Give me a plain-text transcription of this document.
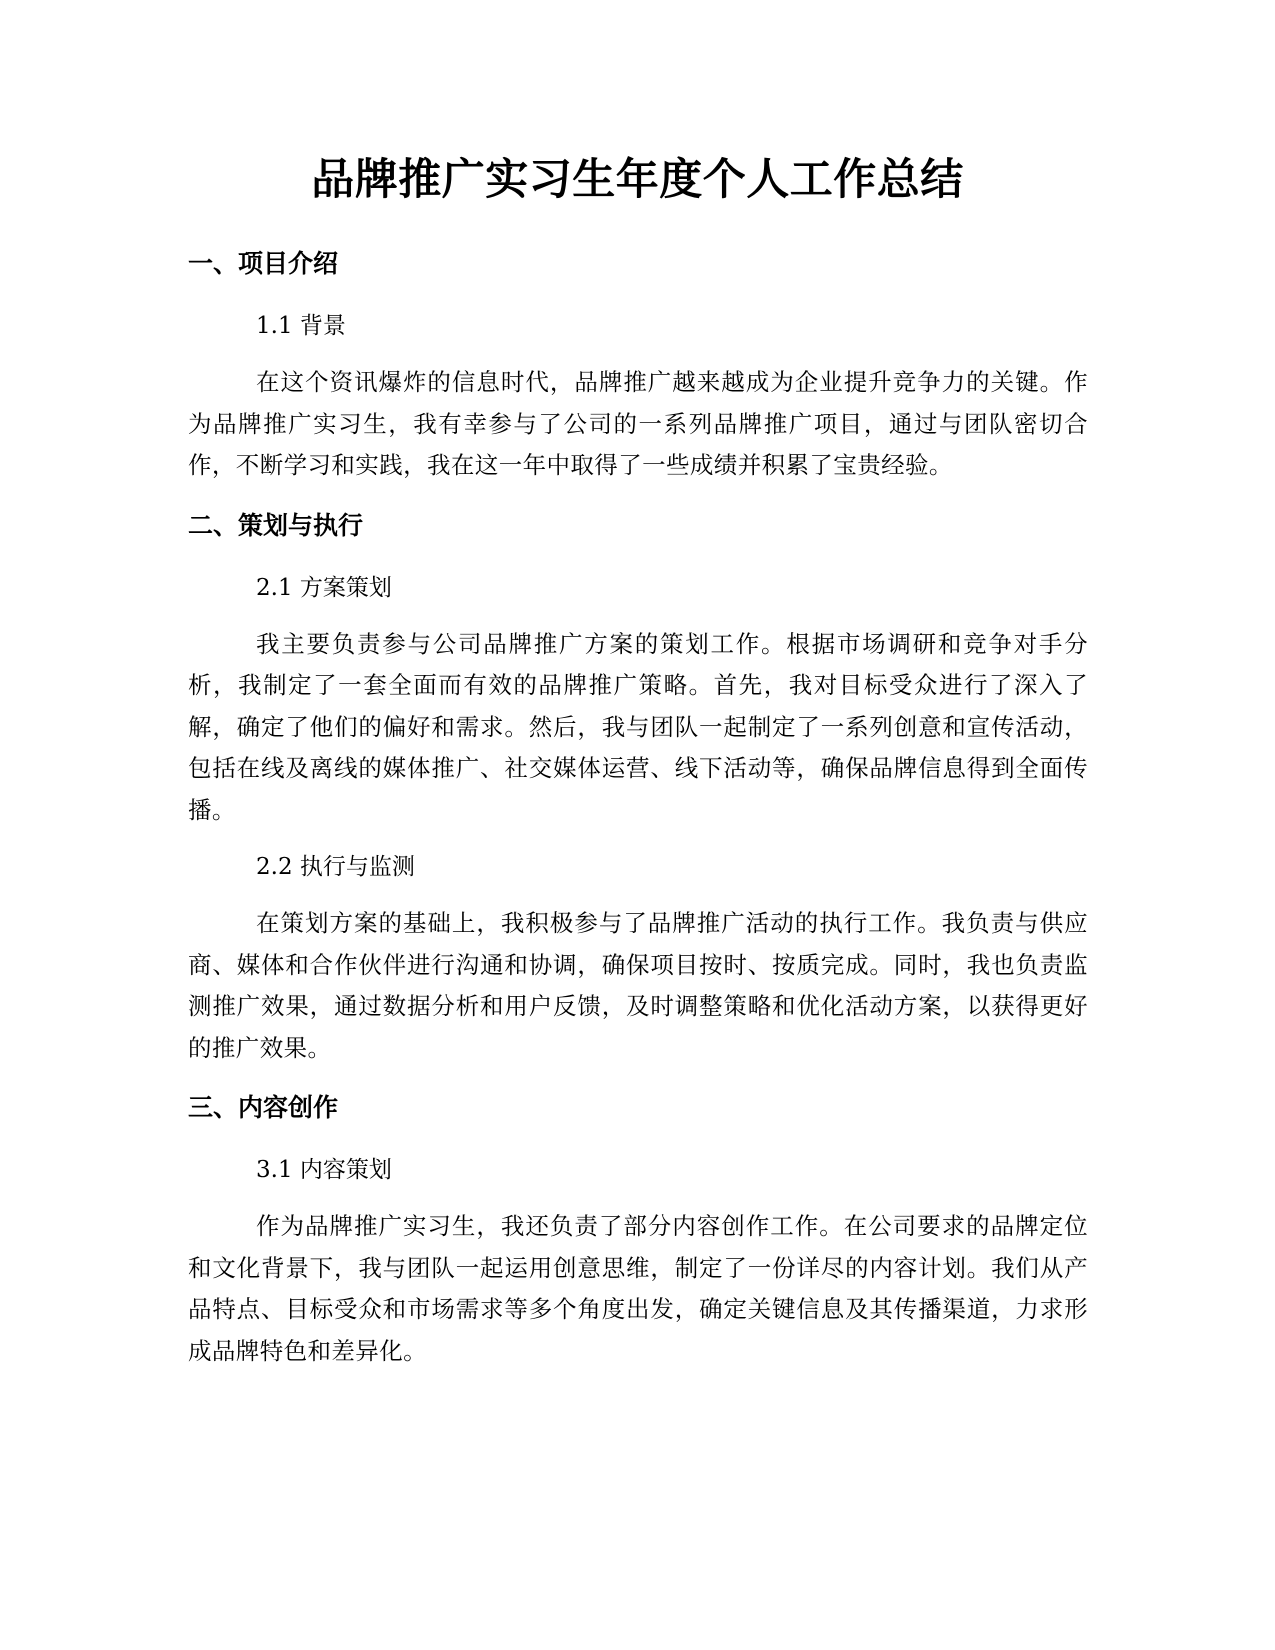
品牌推广实习生年度个人工作总结
一、项目介绍

1.1 背景

在这个资讯爆炸的信息时代，品牌推广越来越成为企业提升竞争力的关键。作为品牌推广实习生，我有幸参与了公司的一系列品牌推广项目，通过与团队密切合作，不断学习和实践，我在这一年中取得了一些成绩并积累了宝贵经验。

二、策划与执行

2.1 方案策划

我主要负责参与公司品牌推广方案的策划工作。根据市场调研和竞争对手分析，我制定了一套全面而有效的品牌推广策略。首先，我对目标受众进行了深入了解，确定了他们的偏好和需求。然后，我与团队一起制定了一系列创意和宣传活动，包括在线及离线的媒体推广、社交媒体运营、线下活动等，确保品牌信息得到全面传播。

2.2 执行与监测

在策划方案的基础上，我积极参与了品牌推广活动的执行工作。我负责与供应商、媒体和合作伙伴进行沟通和协调，确保项目按时、按质完成。同时，我也负责监测推广效果，通过数据分析和用户反馈，及时调整策略和优化活动方案，以获得更好的推广效果。

三、内容创作

3.1 内容策划

作为品牌推广实习生，我还负责了部分内容创作工作。在公司要求的品牌定位和文化背景下，我与团队一起运用创意思维，制定了一份详尽的内容计划。我们从产品特点、目标受众和市场需求等多个角度出发，确定关键信息及其传播渠道，力求形成品牌特色和差异化。
